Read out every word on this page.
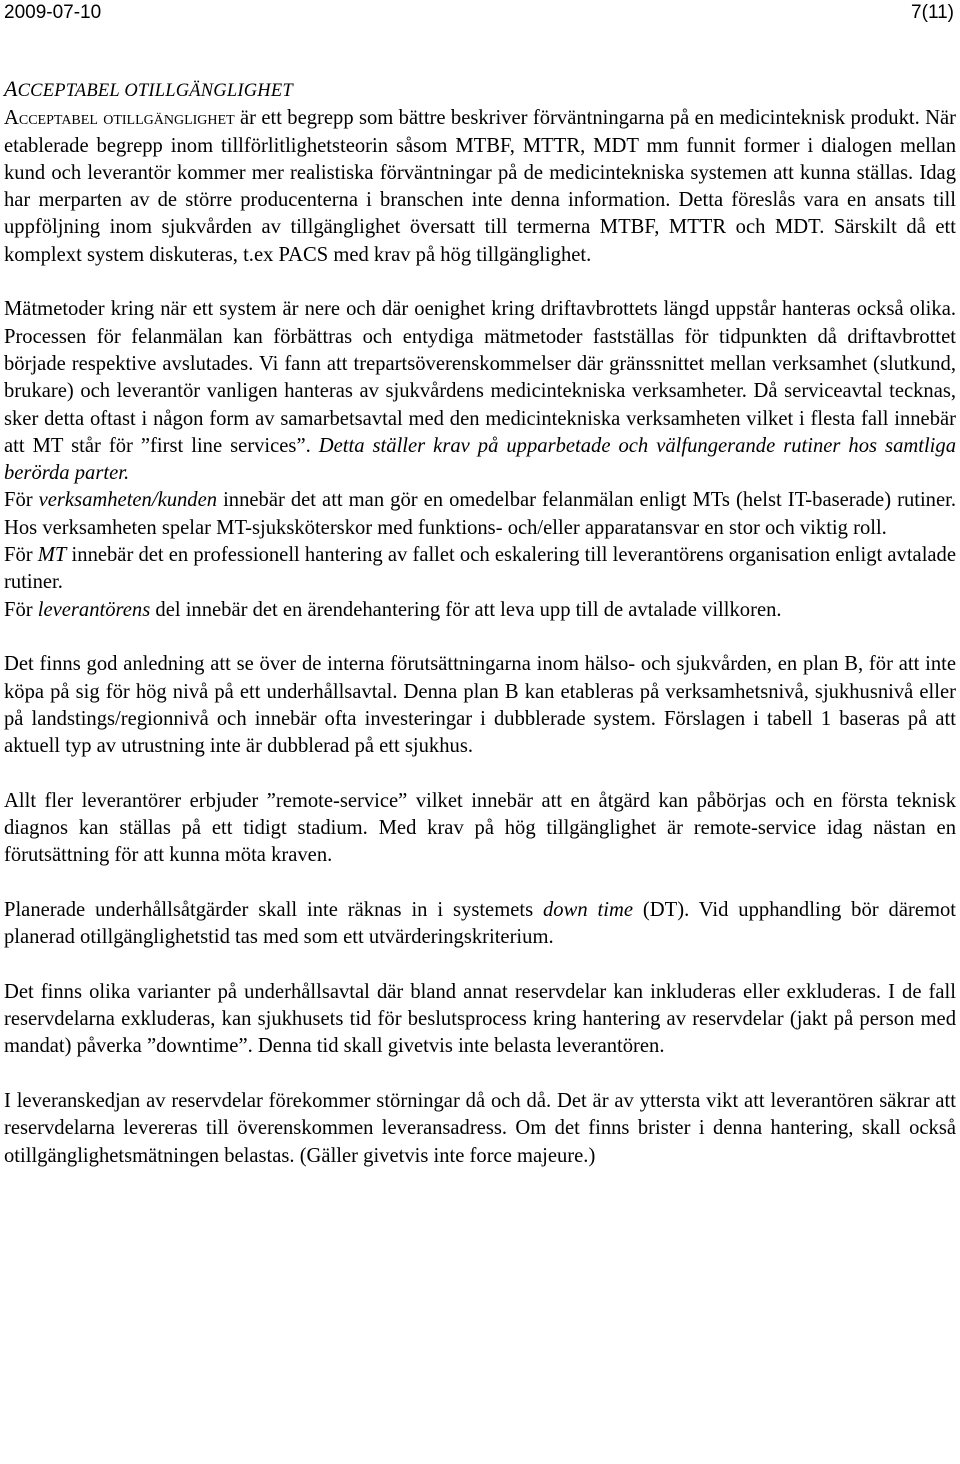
2009-07-10	7(11)

ACCEPTABEL OTILLGÄNGLIGHET

Acceptabel otillgänglighet är ett begrepp som bättre beskriver förväntningarna på en medicinteknisk produkt. När etablerade begrepp inom tillförlitlighetsteorin såsom MTBF, MTTR, MDT mm funnit former i dialogen mellan kund och leverantör kommer mer realistiska förväntningar på de medicintekniska systemen att kunna ställas. Idag har merparten av de större producenterna i branschen inte denna information. Detta föreslås vara en ansats till uppföljning inom sjukvården av tillgänglighet översatt till termerna MTBF, MTTR och MDT. Särskilt då ett komplext system diskuteras, t.ex PACS med krav på hög tillgänglighet.

Mätmetoder kring när ett system är nere och där oenighet kring driftavbrottets längd uppstår hanteras också olika. Processen för felanmälan kan förbättras och entydiga mätmetoder fastställas för tidpunkten då driftavbrottet började respektive avslutades. Vi fann att trepartsöverenskommelser där gränssnittet mellan verksamhet (slutkund, brukare) och leverantör vanligen hanteras av sjukvårdens medicintekniska verksamheter. Då serviceavtal tecknas, sker detta oftast i någon form av samarbetsavtal med den medicintekniska verksamheten vilket i flesta fall innebär att MT står för ”first line services”. Detta ställer krav på upparbetade och välfungerande rutiner hos samtliga berörda parter.

För verksamheten/kunden innebär det att man gör en omedelbar felanmälan enligt MTs (helst IT-baserade) rutiner. Hos verksamheten spelar MT-sjuksköterskor med funktions- och/eller apparatansvar en stor och viktig roll.

För MT innebär det en professionell hantering av fallet och eskalering till leverantörens organisation enligt avtalade rutiner.

För leverantörens del innebär det en ärendehantering för att leva upp till de avtalade villkoren.

Det finns god anledning att se över de interna förutsättningarna inom hälso- och sjukvården, en plan B, för att inte köpa på sig för hög nivå på ett underhållsavtal. Denna plan B kan etableras på verksamhetsnivå, sjukhusnivå eller på landstings/regionnivå och innebär ofta investeringar i dubblerade system. Förslagen i tabell 1 baseras på att aktuell typ av utrustning inte är dubblerad på ett sjukhus.

Allt fler leverantörer erbjuder ”remote-service” vilket innebär att en åtgärd kan påbörjas och en första teknisk diagnos kan ställas på ett tidigt stadium. Med krav på hög tillgänglighet är remote-service idag nästan en förutsättning för att kunna möta kraven.

Planerade underhållsåtgärder skall inte räknas in i systemets down time (DT). Vid upphandling bör däremot planerad otillgänglighetstid tas med som ett utvärderingskriterium.

Det finns olika varianter på underhållsavtal där bland annat reservdelar kan inkluderas eller exkluderas. I de fall reservdelarna exkluderas, kan sjukhusets tid för beslutsprocess kring hantering av reservdelar (jakt på person med mandat) påverka ”downtime”. Denna tid skall givetvis inte belasta leverantören.

I leveranskedjan av reservdelar förekommer störningar då och då. Det är av yttersta vikt att leverantören säkrar att reservdelarna levereras till överenskommen leveransadress. Om det finns brister i denna hantering, skall också otillgänglighetsmätningen belastas. (Gäller givetvis inte force majeure.)
